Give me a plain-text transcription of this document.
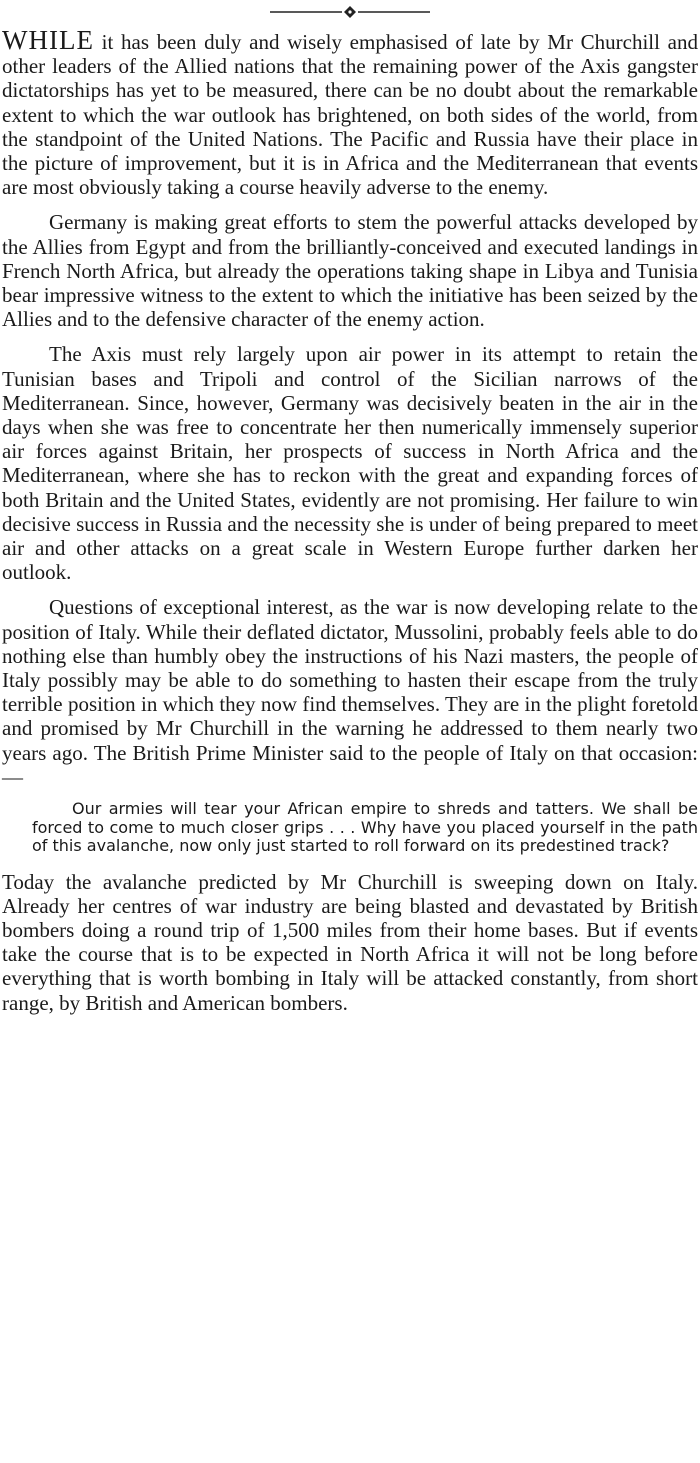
WHILE it has been duly and wisely emphasised of late by Mr Churchill and other leaders of the Allied nations that the remaining power of the Axis gangster dictatorships has yet to be measured, there can be no doubt about the remarkable extent to which the war outlook has brightened, on both sides of the world, from the standpoint of the United Nations. The Pacific and Russia have their place in the picture of improvement, but it is in Africa and the Mediterranean that events are most obviously taking a course heavily adverse to the enemy.

Germany is making great efforts to stem the powerful attacks developed by the Allies from Egypt and from the brilliantly-conceived and executed landings in French North Africa, but already the operations taking shape in Libya and Tunisia bear impressive witness to the extent to which the initiative has been seized by the Allies and to the defensive character of the enemy action.

The Axis must rely largely upon air power in its attempt to retain the Tunisian bases and Tripoli and control of the Sicilian narrows of the Mediterranean. Since, however, Germany was decisively beaten in the air in the days when she was free to concentrate her then numerically immensely superior air forces against Britain, her prospects of success in North Africa and the Mediterranean, where she has to reckon with the great and expanding forces of both Britain and the United States, evidently are not promising. Her failure to win decisive success in Russia and the necessity she is under of being prepared to meet air and other attacks on a great scale in Western Europe further darken her outlook.

Questions of exceptional interest, as the war is now developing relate to the position of Italy. While their deflated dictator, Mussolini, probably feels able to do nothing else than humbly obey the instructions of his Nazi masters, the people of Italy possibly may be able to do something to hasten their escape from the truly terrible position in which they now find themselves. They are in the plight foretold and promised by Mr Churchill in the warning he addressed to them nearly two years ago. The British Prime Minister said to the people of Italy on that occasion:—

Our armies will tear your African empire to shreds and tatters. We shall be forced to come to much closer grips . . . Why have you placed yourself in the path of this avalanche, now only just started to roll forward on its predestined track?

Today the avalanche predicted by Mr Churchill is sweeping down on Italy. Already her centres of war industry are being blasted and devastated by British bombers doing a round trip of 1,500 miles from their home bases. But if events take the course that is to be expected in North Africa it will not be long before everything that is worth bombing in Italy will be attacked constantly, from short range, by British and American bombers.
